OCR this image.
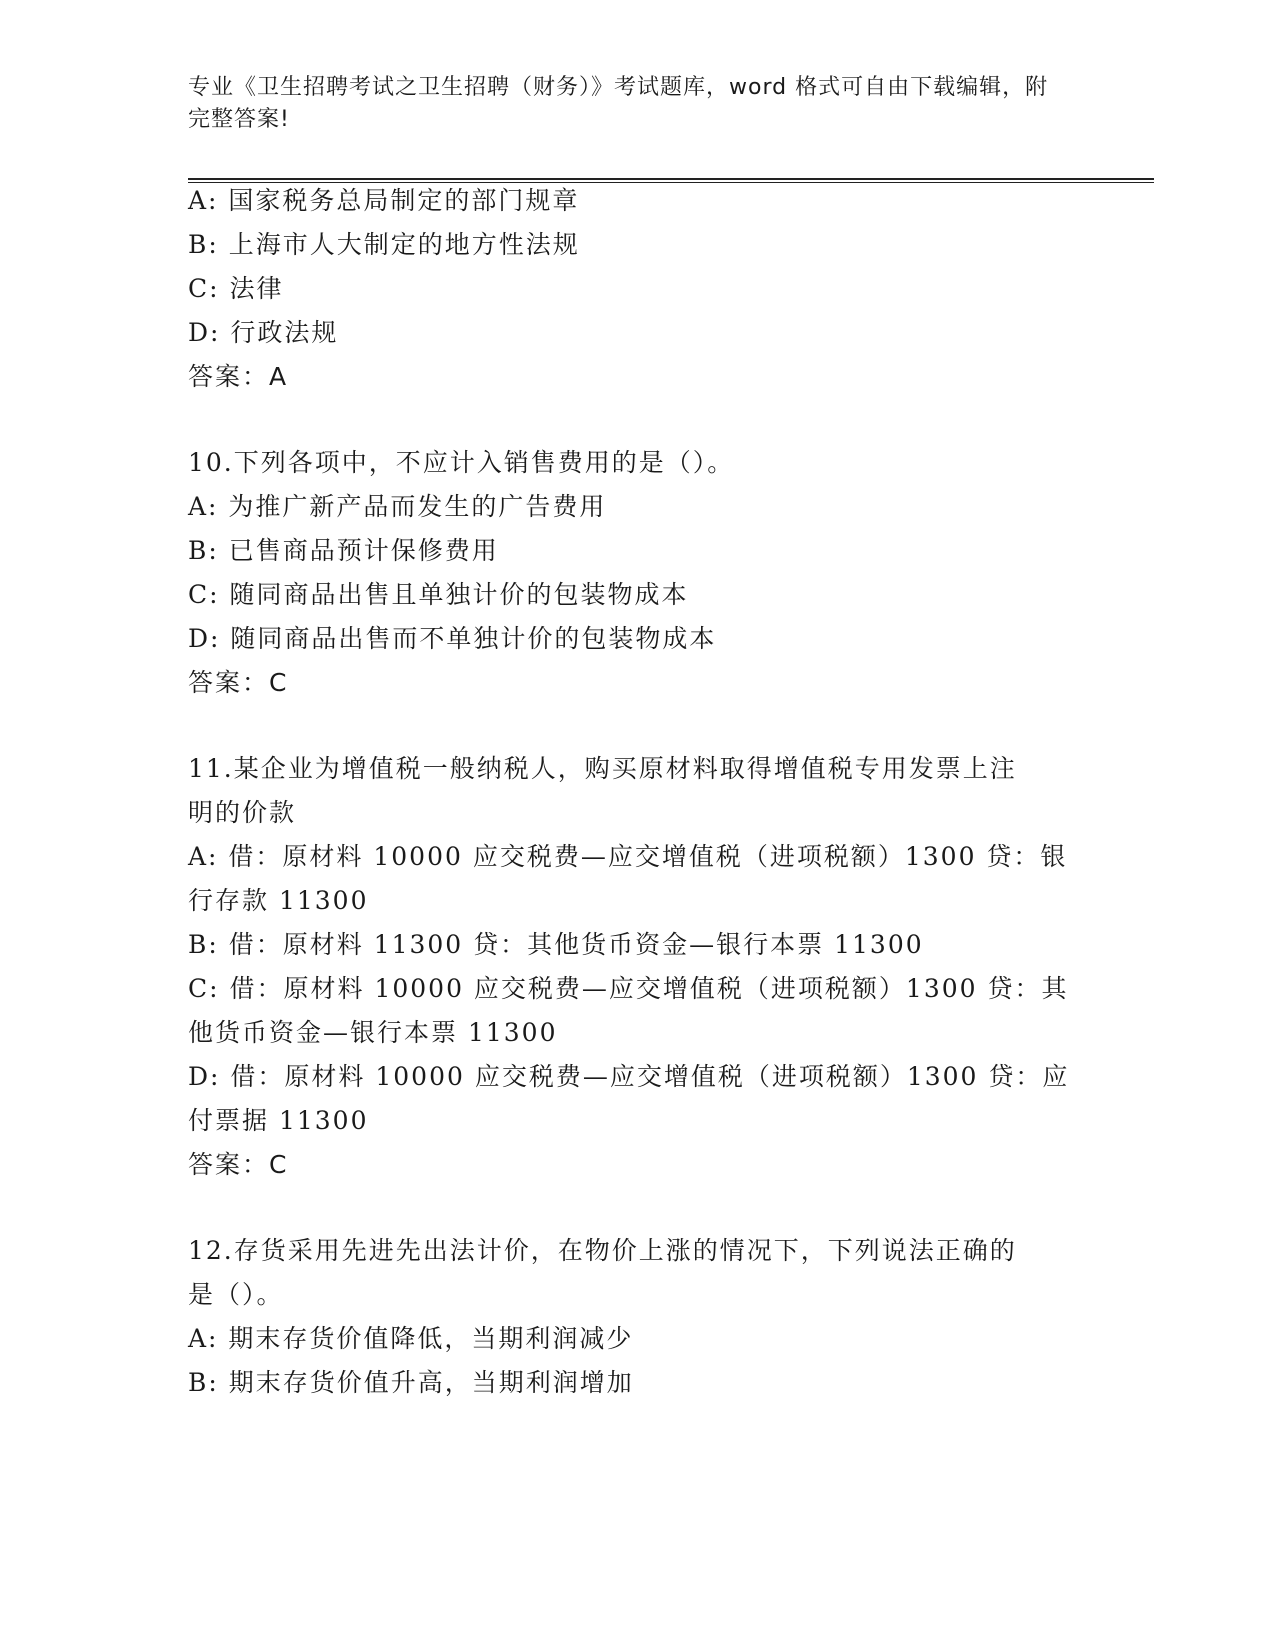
专业《卫生招聘考试之卫生招聘（财务）》考试题库，word 格式可自由下载编辑，附完整答案!
A: 国家税务总局制定的部门规章
B: 上海市人大制定的地方性法规
C: 法律
D: 行政法规
答案：A
10.下列各项中，不应计入销售费用的是（）。
A: 为推广新产品而发生的广告费用
B: 已售商品预计保修费用
C: 随同商品出售且单独计价的包装物成本
D: 随同商品出售而不单独计价的包装物成本
答案：C
11.某企业为增值税一般纳税人，购买原材料取得增值税专用发票上注
明的价款
A: 借：原材料 10000 应交税费—应交增值税（进项税额）1300 贷：银
行存款 11300
B: 借：原材料 11300 贷：其他货币资金—银行本票 11300
C: 借：原材料 10000 应交税费—应交增值税（进项税额）1300 贷：其
他货币资金—银行本票 11300
D: 借：原材料 10000 应交税费—应交增值税（进项税额）1300 贷：应
付票据 11300
答案：C
12.存货采用先进先出法计价，在物价上涨的情况下，下列说法正确的
是（）。
A: 期末存货价值降低，当期利润减少
B: 期末存货价值升高，当期利润增加
